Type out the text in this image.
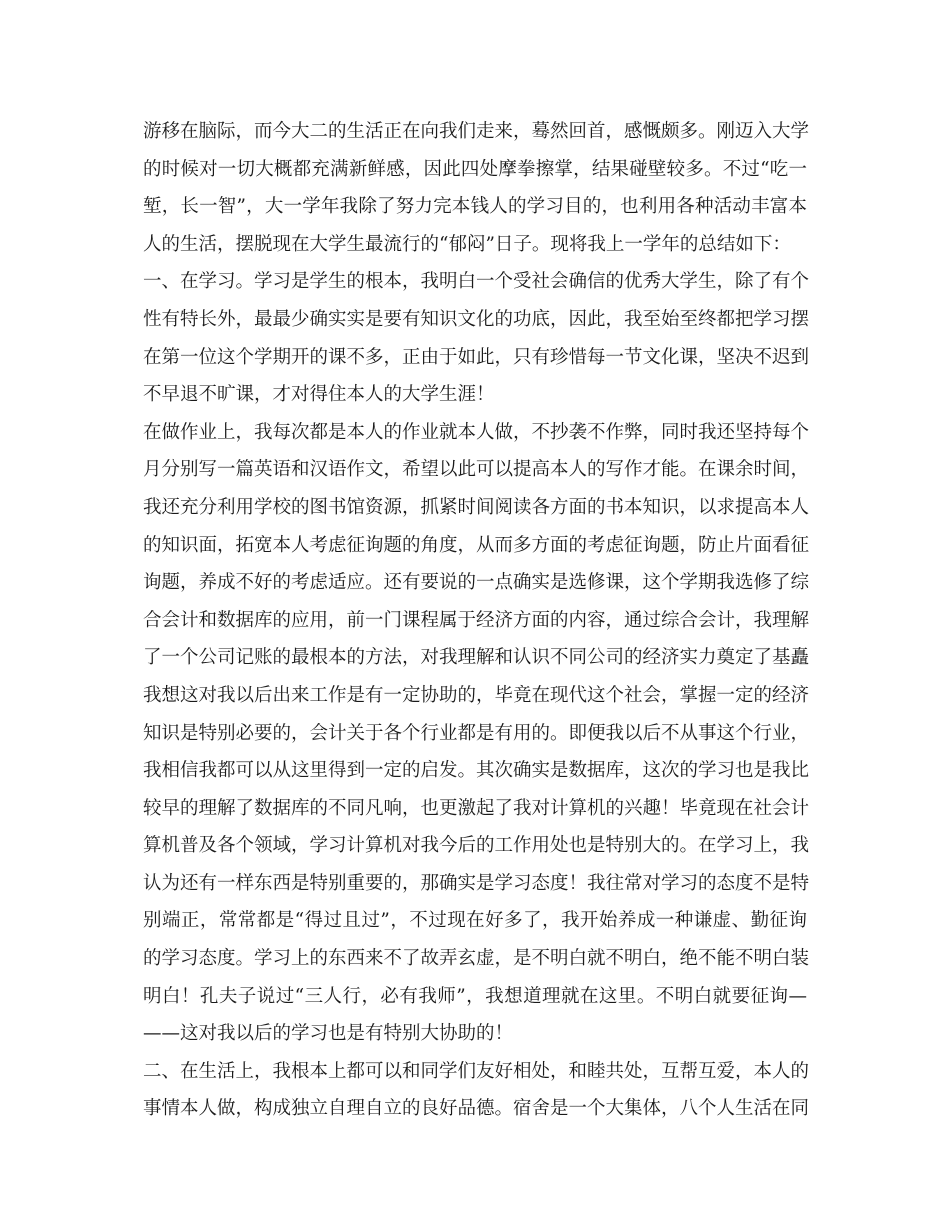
游移在脑际，而今大二的生活正在向我们走来，蓦然回首，感慨颇多。刚迈入大学
的时候对一切大概都充满新鲜感，因此四处摩拳擦掌，结果碰壁较多。不过“吃一
堑，长一智”，大一学年我除了努力完本钱人的学习目的，也利用各种活动丰富本
人的生活，摆脱现在大学生最流行的“郁闷”日子。现将我上一学年的总结如下：
一、在学习。学习是学生的根本，我明白一个受社会确信的优秀大学生，除了有个
性有特长外，最最少确实实是要有知识文化的功底，因此，我至始至终都把学习摆
在第一位这个学期开的课不多，正由于如此，只有珍惜每一节文化课，坚决不迟到
不早退不旷课，才对得住本人的大学生涯！
在做作业上，我每次都是本人的作业就本人做，不抄袭不作弊，同时我还坚持每个
月分别写一篇英语和汉语作文，希望以此可以提高本人的写作才能。在课余时间，
我还充分利用学校的图书馆资源，抓紧时间阅读各方面的书本知识，以求提高本人
的知识面，拓宽本人考虑征询题的角度，从而多方面的考虑征询题，防止片面看征
询题，养成不好的考虑适应。还有要说的一点确实是选修课，这个学期我选修了综
合会计和数据库的应用，前一门课程属于经济方面的内容，通过综合会计，我理解
了一个公司记账的最根本的方法，对我理解和认识不同公司的经济实力奠定了基矗
我想这对我以后出来工作是有一定协助的，毕竟在现代这个社会，掌握一定的经济
知识是特别必要的，会计关于各个行业都是有用的。即便我以后不从事这个行业，
我相信我都可以从这里得到一定的启发。其次确实是数据库，这次的学习也是我比
较早的理解了数据库的不同凡响，也更激起了我对计算机的兴趣！毕竟现在社会计
算机普及各个领域，学习计算机对我今后的工作用处也是特别大的。在学习上，我
认为还有一样东西是特别重要的，那确实是学习态度！我往常对学习的态度不是特
别端正，常常都是“得过且过”，不过现在好多了，我开始养成一种谦虚、勤征询
的学习态度。学习上的东西来不了故弄玄虚，是不明白就不明白，绝不能不明白装
明白！孔夫子说过“三人行，必有我师”，我想道理就在这里。不明白就要征询—
——这对我以后的学习也是有特别大协助的！
二、在生活上，我根本上都可以和同学们友好相处，和睦共处，互帮互爱，本人的
事情本人做，构成独立自理自立的良好品德。宿舍是一个大集体，八个人生活在同
